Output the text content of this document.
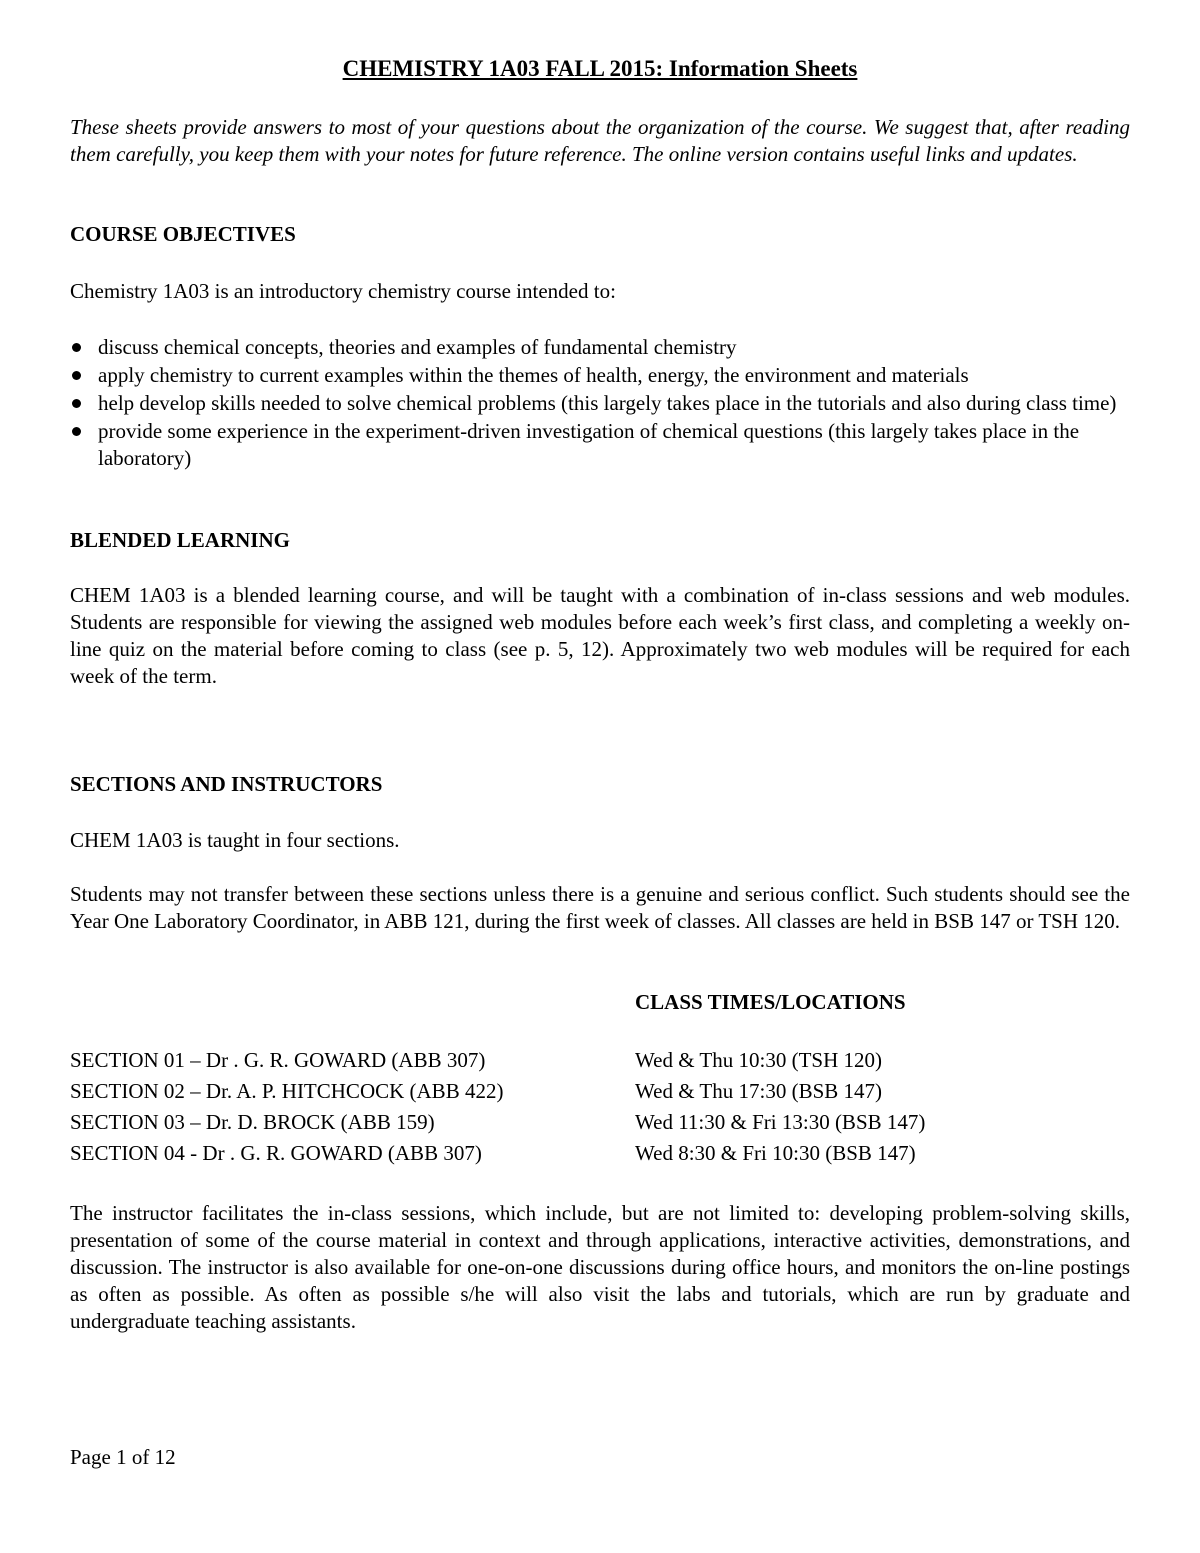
CHEMISTRY 1A03 FALL 2015: Information Sheets
These sheets provide answers to most of your questions about the organization of the course. We suggest that, after reading them carefully, you keep them with your notes for future reference. The online version contains useful links and updates.
COURSE OBJECTIVES
Chemistry 1A03 is an introductory chemistry course intended to:
discuss chemical concepts, theories and examples of fundamental chemistry
apply chemistry to current examples within the themes of health, energy, the environment and materials
help develop skills needed to solve chemical problems (this largely takes place in the tutorials and also during class time)
provide some experience in the experiment-driven investigation of chemical questions (this largely takes place in the laboratory)
BLENDED LEARNING
CHEM 1A03 is a blended learning course, and will be taught with a combination of in-class sessions and web modules. Students are responsible for viewing the assigned web modules before each week’s first class, and completing a weekly on-line quiz on the material before coming to class (see p. 5, 12). Approximately two web modules will be required for each week of the term.
SECTIONS AND INSTRUCTORS
CHEM 1A03 is taught in four sections.
Students may not transfer between these sections unless there is a genuine and serious conflict. Such students should see the Year One Laboratory Coordinator, in ABB 121, during the first week of classes. All classes are held in BSB 147 or TSH 120.
CLASS TIMES/LOCATIONS
SECTION 01 – Dr . G. R. GOWARD (ABB 307)	Wed & Thu 10:30 (TSH 120)
SECTION 02 – Dr. A. P. HITCHCOCK (ABB 422)	Wed & Thu 17:30 (BSB 147)
SECTION 03 – Dr. D. BROCK (ABB 159)	Wed 11:30 & Fri 13:30 (BSB 147)
SECTION 04 - Dr . G. R. GOWARD (ABB 307)	Wed 8:30 & Fri 10:30 (BSB 147)
The instructor facilitates the in-class sessions, which include, but are not limited to: developing problem-solving skills, presentation of some of the course material in context and through applications, interactive activities, demonstrations, and discussion. The instructor is also available for one-on-one discussions during office hours, and monitors the on-line postings as often as possible. As often as possible s/he will also visit the labs and tutorials, which are run by graduate and undergraduate teaching assistants.
Page 1 of 12
